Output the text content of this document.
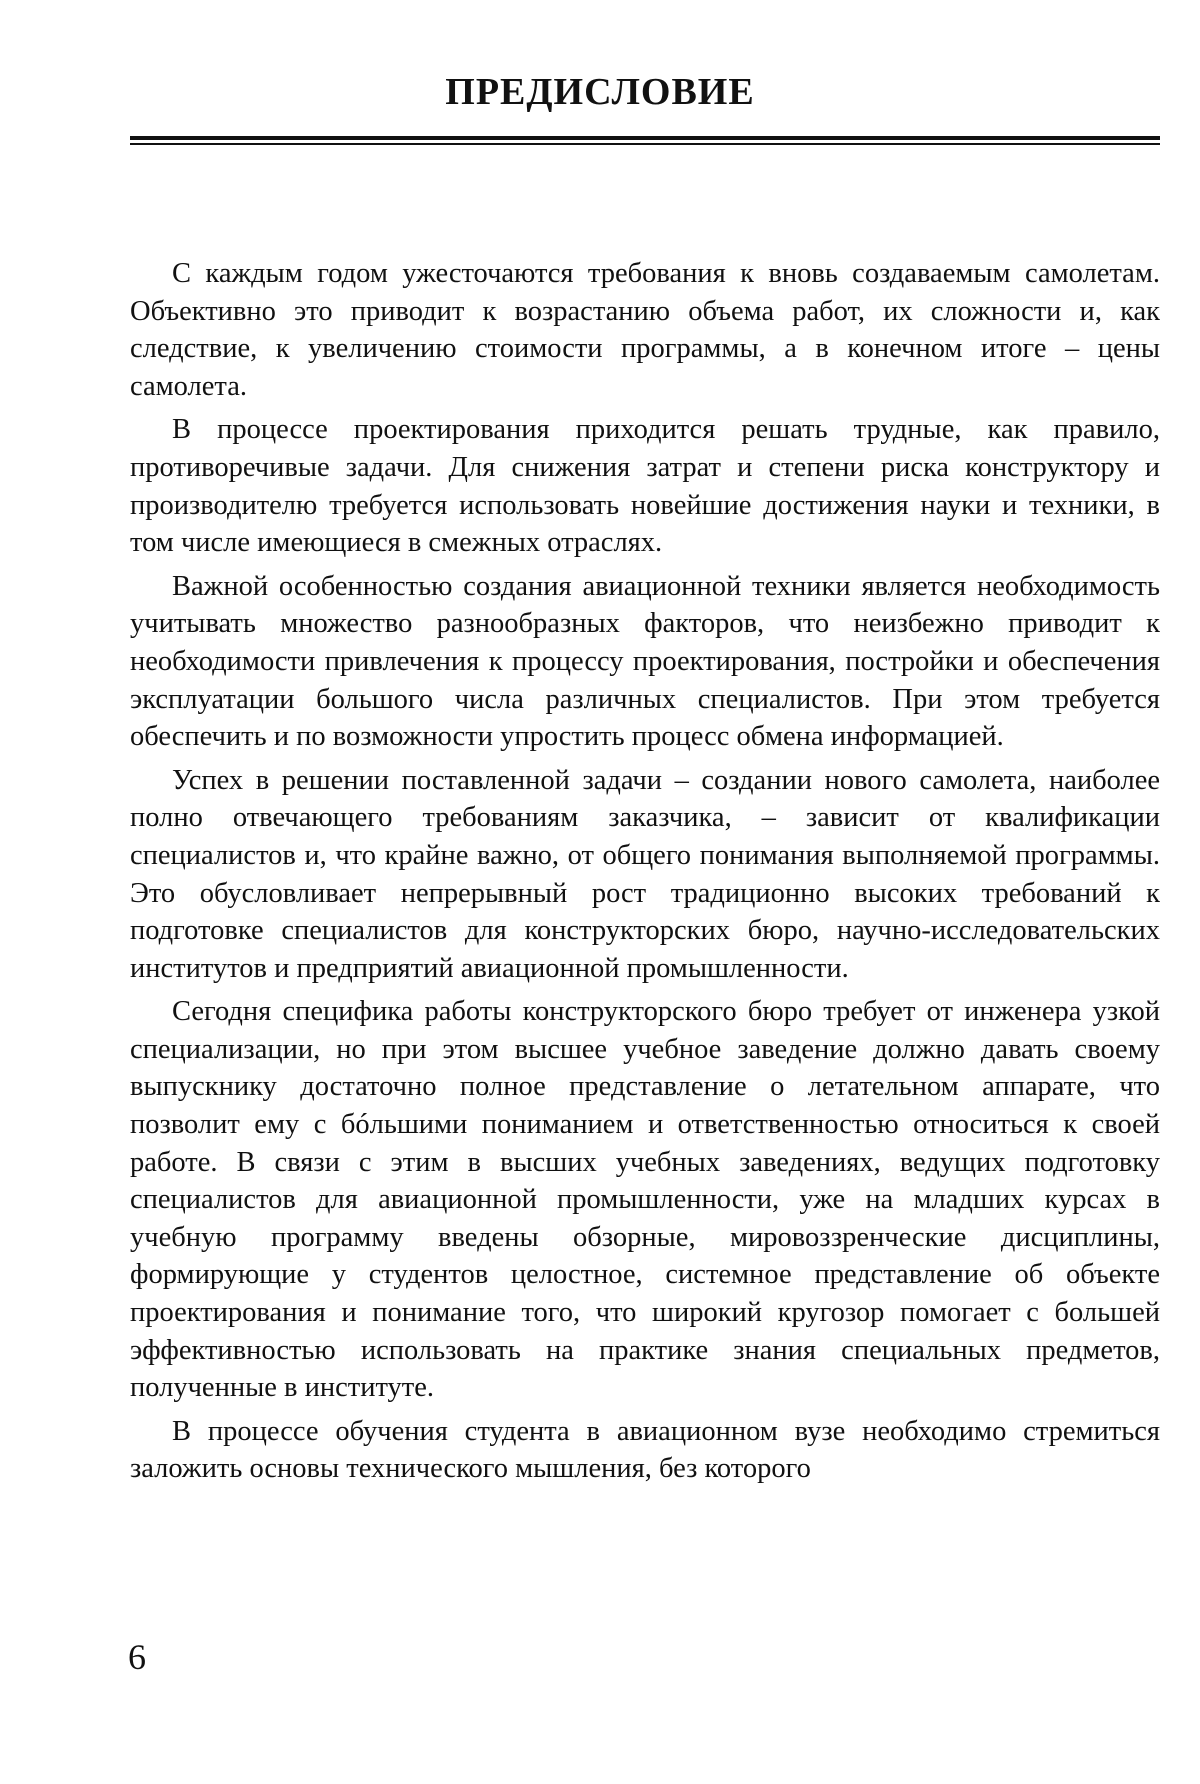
ПРЕДИСЛОВИЕ

С каждым годом ужесточаются требования к вновь создаваемым самолетам. Объективно это приводит к возрастанию объема работ, их сложности и, как следствие, к увеличению стоимости программы, а в конечном итоге – цены самолета.

В процессе проектирования приходится решать трудные, как правило, противоречивые задачи. Для снижения затрат и степени риска конструктору и производителю требуется использовать новейшие достижения науки и техники, в том числе имеющиеся в смежных отраслях.

Важной особенностью создания авиационной техники является необходимость учитывать множество разнообразных факторов, что неизбежно приводит к необходимости привлечения к процессу проектирования, постройки и обеспечения эксплуатации большого числа различных специалистов. При этом требуется обеспечить и по возможности упростить процесс обмена информацией.

Успех в решении поставленной задачи – создании нового самолета, наиболее полно отвечающего требованиям заказчика, – зависит от квалификации специалистов и, что крайне важно, от общего понимания выполняемой программы. Это обусловливает непрерывный рост традиционно высоких требований к подготовке специалистов для конструкторских бюро, научно-исследовательских институтов и предприятий авиационной промышленности.

Сегодня специфика работы конструкторского бюро требует от инженера узкой специализации, но при этом высшее учебное заведение должно давать своему выпускнику достаточно полное представление о летательном аппарате, что позволит ему с бóльшими пониманием и ответственностью относиться к своей работе. В связи с этим в высших учебных заведениях, ведущих подготовку специалистов для авиационной промышленности, уже на младших курсах в учебную программу введены обзорные, мировоззренческие дисциплины, формирующие у студентов целостное, системное представление об объекте проектирования и понимание того, что широкий кругозор помогает с большей эффективностью использовать на практике знания специальных предметов, полученные в институте.

В процессе обучения студента в авиационном вузе необходимо стремиться заложить основы технического мышления, без которого

6
